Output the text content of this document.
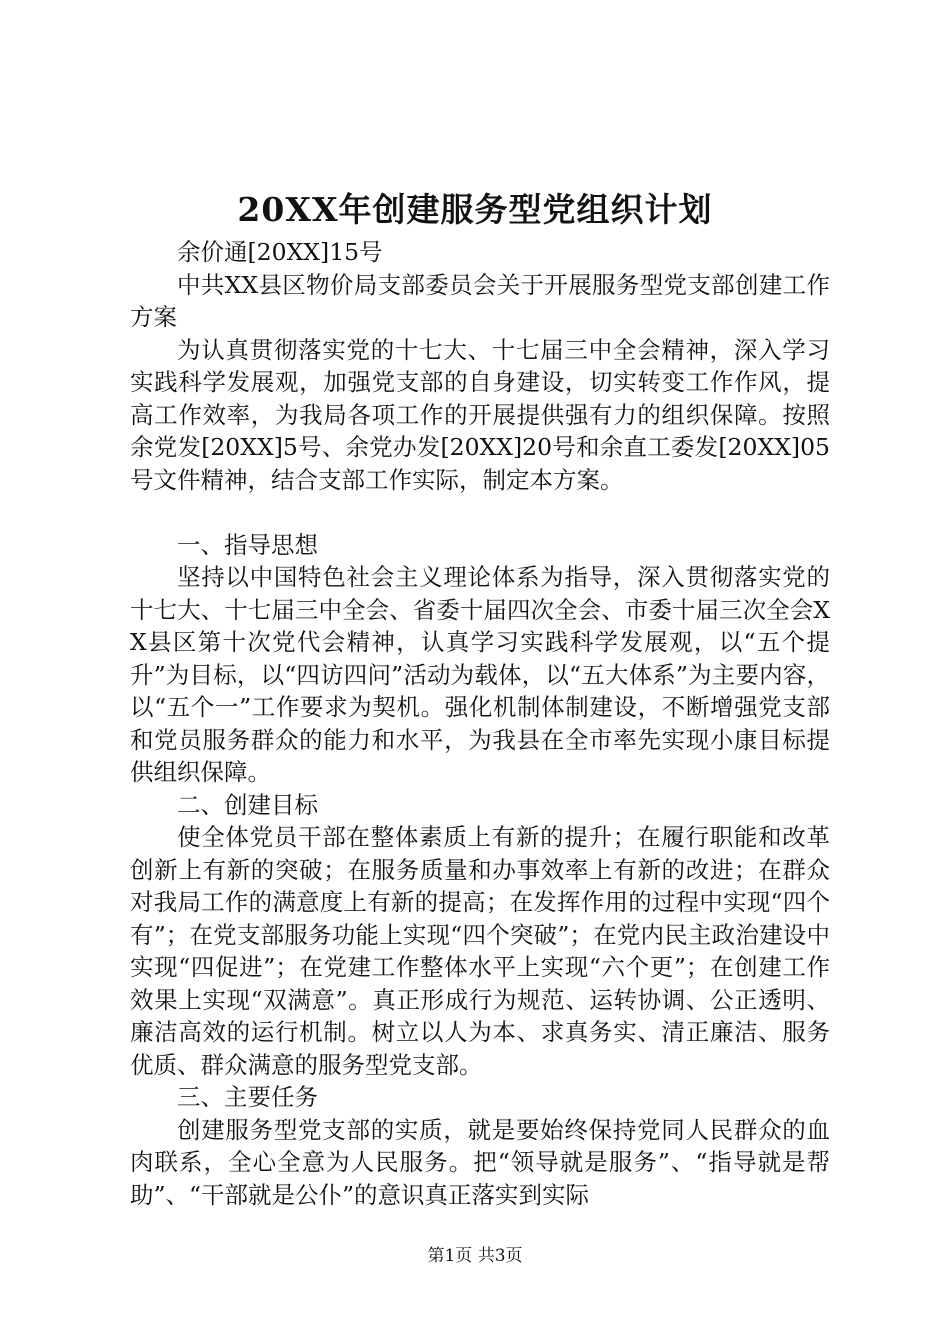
20XX年创建服务型党组织计划

余价通[20XX]15号

中共XX县区物价局支部委员会关于开展服务型党支部创建工作方案

为认真贯彻落实党的十七大、十七届三中全会精神，深入学习实践科学发展观，加强党支部的自身建设，切实转变工作作风，提高工作效率，为我局各项工作的开展提供强有力的组织保障。按照余党发[20XX]5号、余党办发[20XX]20号和余直工委发[20XX]05号文件精神，结合支部工作实际，制定本方案。

一、指导思想

坚持以中国特色社会主义理论体系为指导，深入贯彻落实党的十七大、十七届三中全会、省委十届四次全会、市委十届三次全会XX县区第十次党代会精神，认真学习实践科学发展观，以“五个提升”为目标，以“四访四问”活动为载体，以“五大体系”为主要内容，以“五个一”工作要求为契机。强化机制体制建设，不断增强党支部和党员服务群众的能力和水平，为我县在全市率先实现小康目标提供组织保障。

二、创建目标

使全体党员干部在整体素质上有新的提升；在履行职能和改革创新上有新的突破；在服务质量和办事效率上有新的改进；在群众对我局工作的满意度上有新的提高；在发挥作用的过程中实现“四个有”；在党支部服务功能上实现“四个突破”；在党内民主政治建设中实现“四促进”；在党建工作整体水平上实现“六个更”；在创建工作效果上实现“双满意”。真正形成行为规范、运转协调、公正透明、廉洁高效的运行机制。树立以人为本、求真务实、清正廉洁、服务优质、群众满意的服务型党支部。

三、主要任务

创建服务型党支部的实质，就是要始终保持党同人民群众的血肉联系，全心全意为人民服务。把“领导就是服务”、“指导就是帮助”、“干部就是公仆”的意识真正落实到实际

第1页 共3页
